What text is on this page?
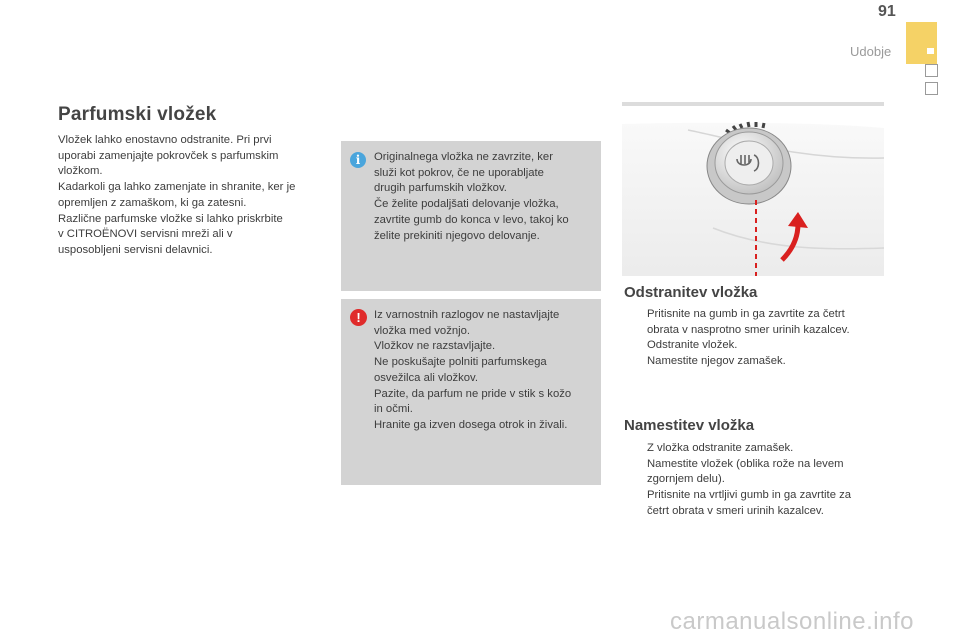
91
Udobje
Parfumski vložek
Vložek lahko enostavno odstranite. Pri prvi
uporabi zamenjajte pokrovček s parfumskim
vložkom.
Kadarkoli ga lahko zamenjate in shranite, ker je
opremljen z zamaškom, ki ga zatesni.
Različne parfumske vložke si lahko priskrbite
v CITROËNOVI servisni mreži ali v
usposobljeni servisni delavnici.
i	Originalnega vložka ne zavrzite, ker
služi kot pokrov, če ne uporabljate
drugih parfumskih vložkov.
Če želite podaljšati delovanje vložka,
zavrtite gumb do konca v levo, takoj ko
želite prekiniti njegovo delovanje.
!	Iz varnostnih razlogov ne nastavljajte
vložka med vožnjo.
Vložkov ne razstavljajte.
Ne poskušajte polniti parfumskega
osvežilca ali vložkov.
Pazite, da parfum ne pride v stik s kožo
in očmi.
Hranite ga izven dosega otrok in živali.
Odstranitev vložka
Pritisnite na gumb in ga zavrtite za četrt
obrata v nasprotno smer urinih kazalcev.
Odstranite vložek.
Namestite njegov zamašek.
Namestitev vložka
Z vložka odstranite zamašek.
Namestite vložek (oblika rože na levem
zgornjem delu).
Pritisnite na vrtljivi gumb in ga zavrtite za
četrt obrata v smeri urinih kazalcev.
carmanualsonline.info
